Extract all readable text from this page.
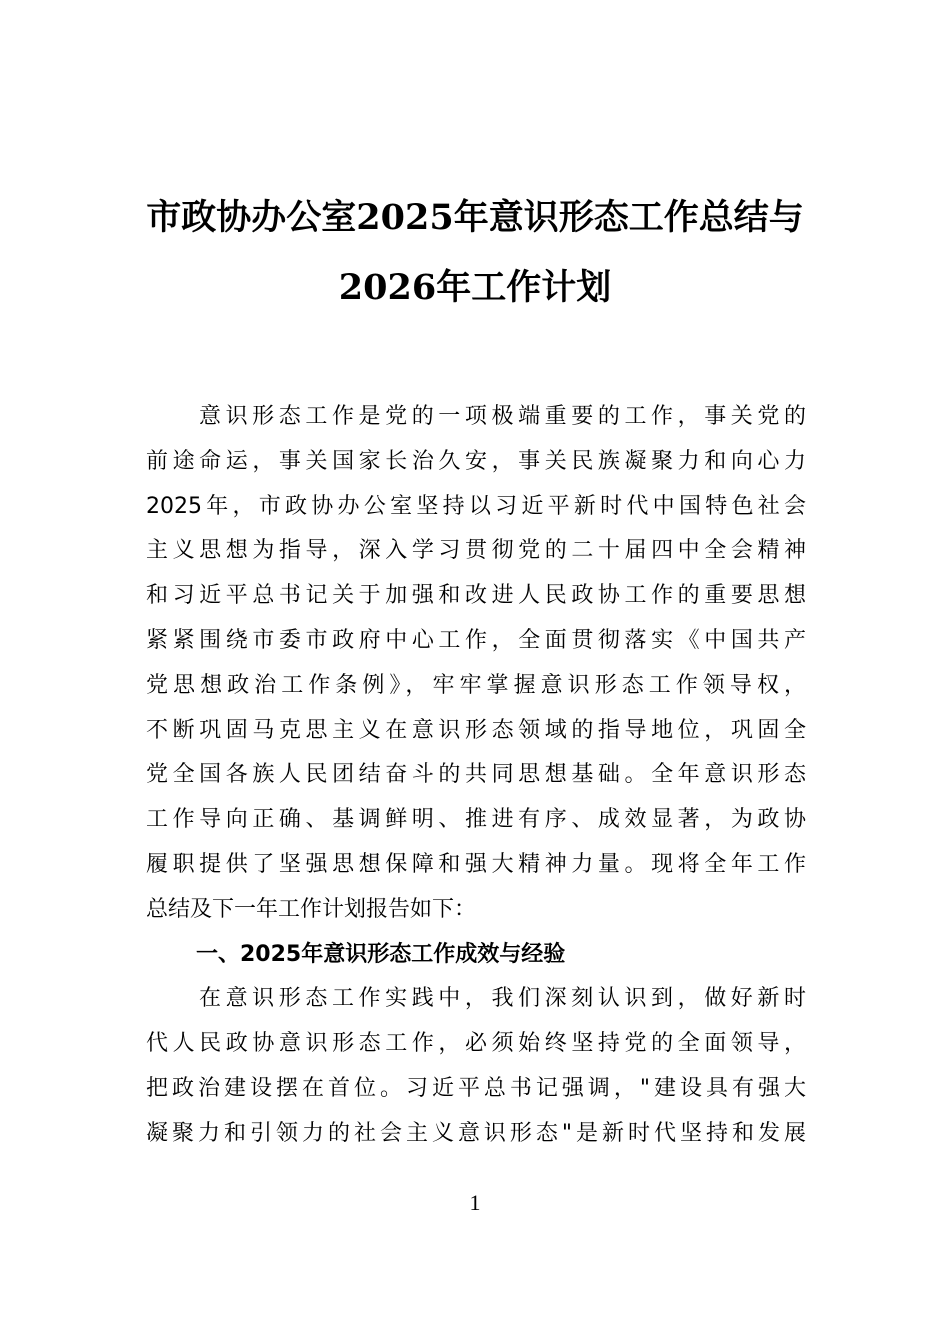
市政协办公室2025年意识形态工作总结与
2026年工作计划
意识形态工作是党的一项极端重要的工作，事关党的
前途命运，事关国家长治久安，事关民族凝聚力和向心力
2025年，市政协办公室坚持以习近平新时代中国特色社会
主义思想为指导，深入学习贯彻党的二十届四中全会精神
和习近平总书记关于加强和改进人民政协工作的重要思想
紧紧围绕市委市政府中心工作，全面贯彻落实《中国共产
党思想政治工作条例》，牢牢掌握意识形态工作领导权，
不断巩固马克思主义在意识形态领域的指导地位，巩固全
党全国各族人民团结奋斗的共同思想基础。全年意识形态
工作导向正确、基调鲜明、推进有序、成效显著，为政协
履职提供了坚强思想保障和强大精神力量。现将全年工作
总结及下一年工作计划报告如下：
一、2025年意识形态工作成效与经验
在意识形态工作实践中，我们深刻认识到，做好新时
代人民政协意识形态工作，必须始终坚持党的全面领导，
把政治建设摆在首位。习近平总书记强调，"建设具有强大
凝聚力和引领力的社会主义意识形态"是新时代坚持和发展
1
